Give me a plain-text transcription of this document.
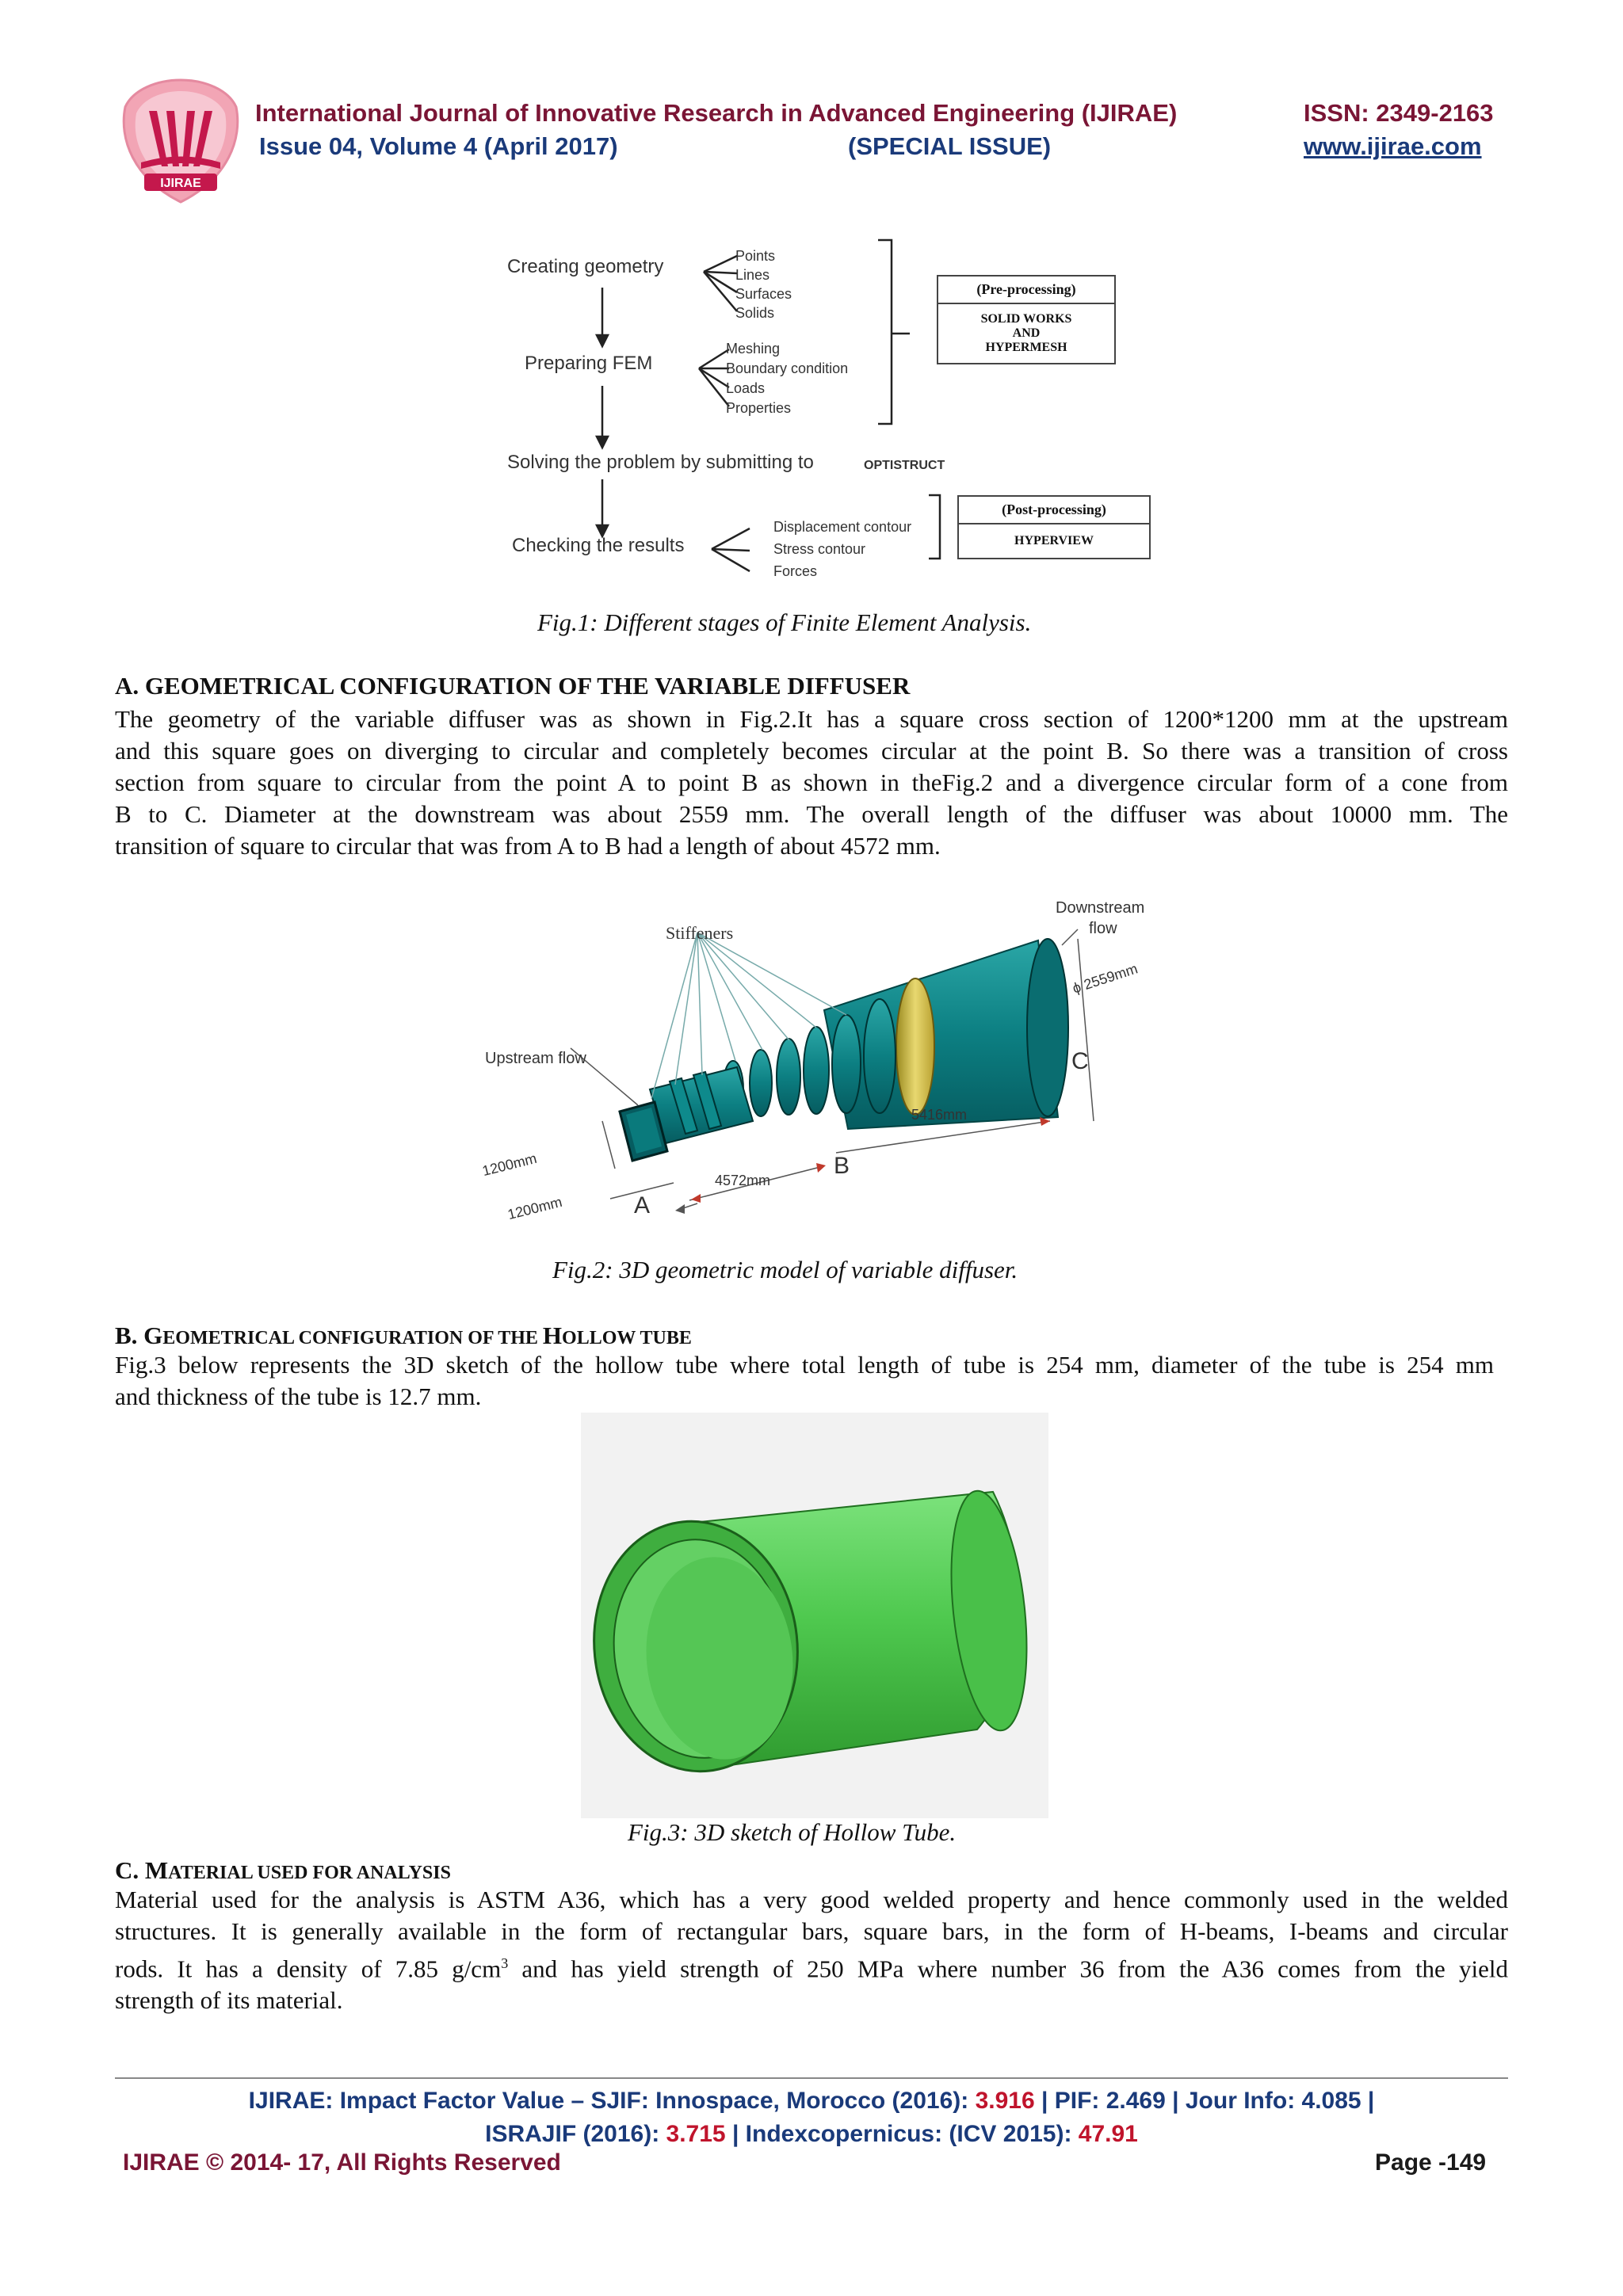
IJIRAE
International Journal of Innovative Research in Advanced Engineering (IJIRAE)	ISSN: 2349-2163
Issue 04, Volume 4 (April 2017)	(SPECIAL ISSUE)	www.ijirae.com
Creating geometry	Points
Lines
Surfaces
Solids
Preparing FEM
Meshing
Boundary condition
Loads
Properties
Solving the problem by submitting to	OPTISTRUCT
Checking the results
Displacement contour
Stress contour
Forces
(Pre-processing)
SOLID WORKS
AND
HYPERMESH
(Post-processing)
HYPERVIEW
Fig.1: Different stages of Finite Element Analysis.
A. GEOMETRICAL CONFIGURATION OF THE VARIABLE DIFFUSER
The geometry of the variable diffuser was as shown in Fig.2.It has a square cross section of 1200*1200 mm at the upstream
and this square goes on diverging to circular and completely becomes circular at the point B. So there was a transition of cross
section from square to circular from the point A to point B as shown in theFig.2 and a divergence circular form of a cone from
B to C. Diameter at the downstream was about 2559 mm. The overall length of the diffuser was about 10000 mm. The
transition of square to circular that was from A to B had a length of about 4572 mm.
Stiffeners
Downstream
flow
ϕ 2559mm
Upstream flow
5416mm
4572mm
1200mm
1200mm	A
B
C
Fig.2: 3D geometric model of variable diffuser.
B. GEOMETRICAL CONFIGURATION OF THE HOLLOW TUBE
Fig.3 below represents the 3D sketch of the hollow tube where total length of tube is 254 mm, diameter of the tube is 254 mm
and thickness of the tube is 12.7 mm.
Fig.3: 3D sketch of Hollow Tube.
C. MATERIAL USED FOR ANALYSIS
Material used for the analysis is ASTM A36, which has a very good welded property and hence commonly used in the welded
structures. It is generally available in the form of rectangular bars, square bars, in the form of H-beams, I-beams and circular
rods. It has a density of 7.85 $g/cm^3$ and has yield strength of 250 MPa where number 36 from the A36 comes from the yield
strength of its material.
IJIRAE: Impact Factor Value – SJIF: Innospace, Morocco (2016): 3.916 | PIF: 2.469 | Jour Info: 4.085 |
ISRAJIF (2016): 3.715 | Indexcopernicus: (ICV 2015): 47.91
IJIRAE © 2014- 17, All Rights Reserved	Page -149
